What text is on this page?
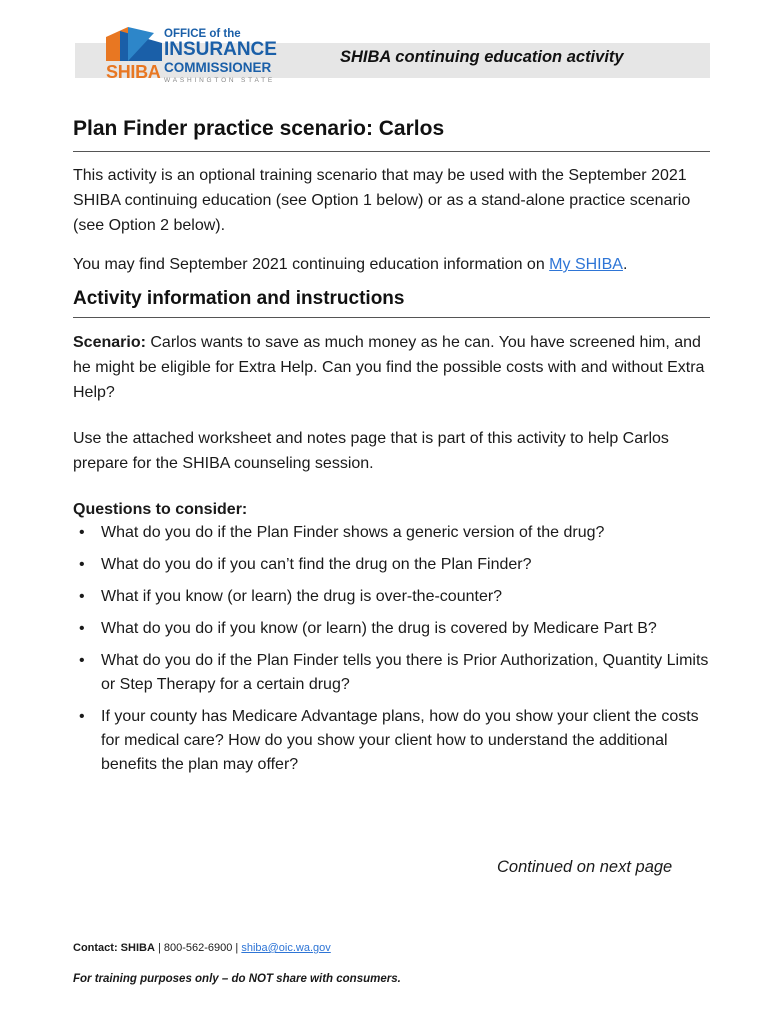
SHIBA
OFFICE of the
INSURANCE
COMMISSIONER
WASHINGTON STATE
SHIBA continuing education activity
Plan Finder practice scenario: Carlos

This activity is an optional training scenario that may be used with the September 2021 SHIBA continuing education (see Option 1 below) or as a stand-alone practice scenario (see Option 2 below).

You may find September 2021 continuing education information on My SHIBA.

Activity information and instructions

Scenario: Carlos wants to save as much money as he can. You have screened him, and he might be eligible for Extra Help. Can you find the possible costs with and without Extra Help?

Use the attached worksheet and notes page that is part of this activity to help Carlos prepare for the SHIBA counseling session.

Questions to consider:

• What do you do if the Plan Finder shows a generic version of the drug?
• What do you do if you can’t find the drug on the Plan Finder?
• What if you know (or learn) the drug is over-the-counter?
• What do you do if you know (or learn) the drug is covered by Medicare Part B?
• What do you do if the Plan Finder tells you there is Prior Authorization, Quantity Limits or Step Therapy for a certain drug?
• If your county has Medicare Advantage plans, how do you show your client the costs for medical care? How do you show your client how to understand the additional benefits the plan may offer?
Continued on next page
Contact: SHIBA | 800-562-6900 | shiba@oic.wa.gov
For training purposes only – do NOT share with consumers.
